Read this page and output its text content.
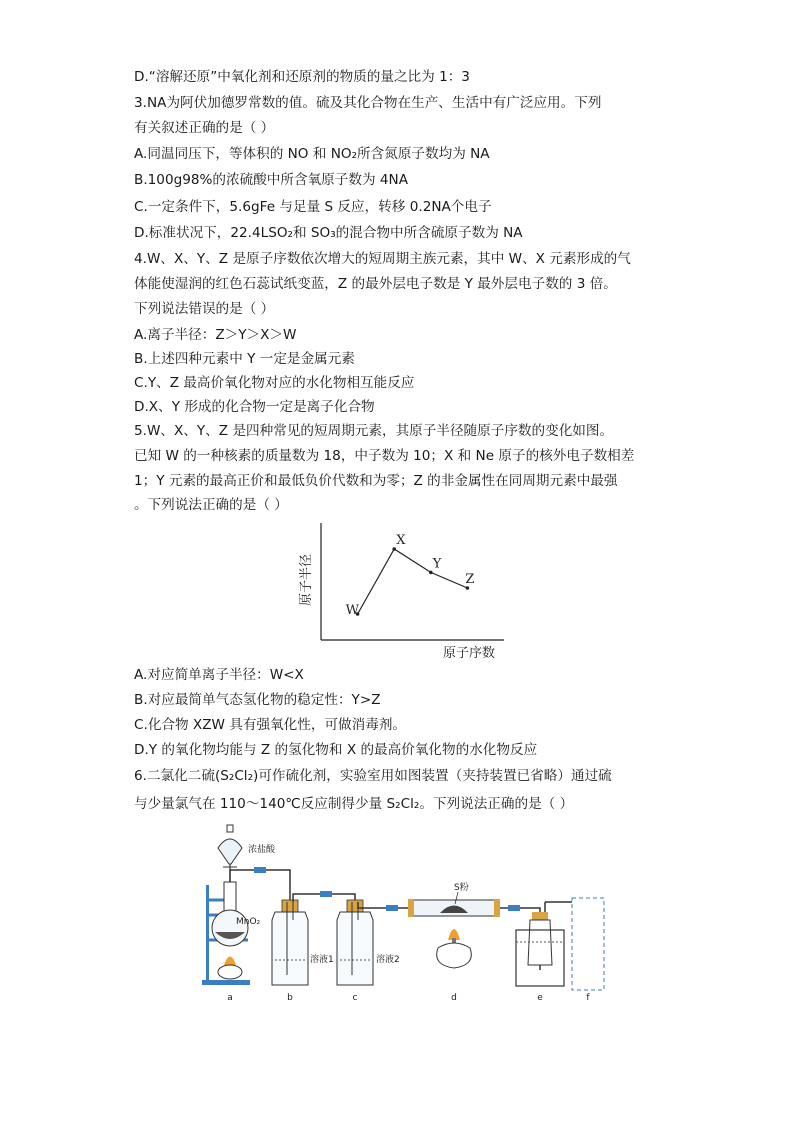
D.“溶解还原”中氧化剂和还原剂的物质的量之比为 1：3
3.NA为阿伏加德罗常数的值。硫及其化合物在生产、生活中有广泛应用。下列
有关叙述正确的是（ ）
A.同温同压下，等体积的 NO 和 NO₂所含氮原子数均为 NA
B.100g98%的浓硫酸中所含氧原子数为 4NA
C.一定条件下，5.6gFe 与足量 S 反应，转移 0.2NA个电子
D.标准状况下，22.4LSO₂和 SO₃的混合物中所含硫原子数为 NA
4.W、X、Y、Z 是原子序数依次增大的短周期主族元素，其中 W、X 元素形成的气
体能使湿润的红色石蕊试纸变蓝，Z 的最外层电子数是 Y 最外层电子数的 3 倍。
下列说法错误的是（ ）
A.离子半径：Z＞Y＞X＞W
B.上述四种元素中 Y 一定是金属元素
C.Y、Z 最高价氧化物对应的水化物相互能反应
D.X、Y 形成的化合物一定是离子化合物
5.W、X、Y、Z 是四种常见的短周期元素，其原子半径随原子序数的变化如图。
已知 W 的一种核素的质量数为 18，中子数为 10；X 和 Ne 原子的核外电子数相差
1；Y 元素的最高正价和最低负价代数和为零；Z 的非金属性在同周期元素中最强
。下列说法正确的是（ ）
A.对应简单离子半径：W<X
B.对应最简单气态氢化物的稳定性：Y>Z
C.化合物 XZW 具有强氧化性，可做消毒剂。
D.Y 的氧化物均能与 Z 的氢化物和 X 的最高价氧化物的水化物反应
6.二氯化二硫(S₂Cl₂)可作硫化剂，实验室用如图装置（夹持装置已省略）通过硫
与少量氯气在 110～140℃反应制得少量 S₂Cl₂。下列说法正确的是（ ）
原子半径
原子序数
W
X
Y
Z
浓盐酸
MnO₂
溶液1	溶液2
S粉
a	b	c	d	e	f
